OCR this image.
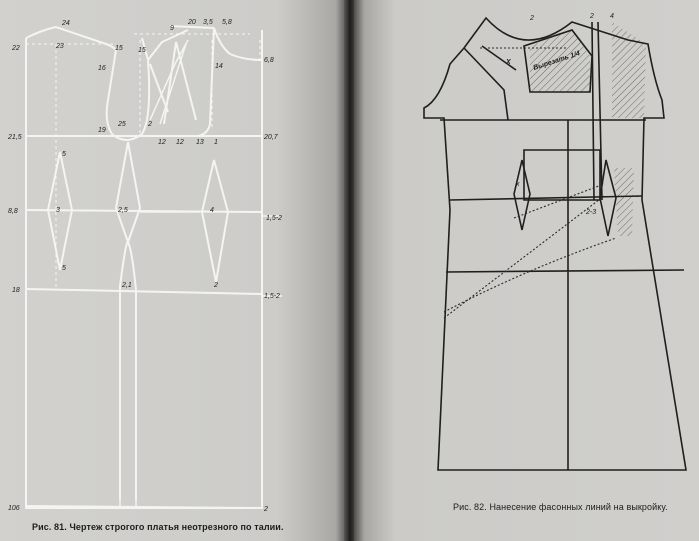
24
23
22	15 15
16
9
20 3,5 5,8
6,8
14
19
25	2
12 12 13 1
5
5
21,5	20,7
3	4
8,8	2,5
1,5-2
2
2,1
18
1,5-2
106	2
Рис. 81. Чертеж строгого платья неотрезного по талии.
X	Вырезать 1/4
2	2 4
2-3
x
Рис. 82. Нанесение фасонных линий на выкройку.
